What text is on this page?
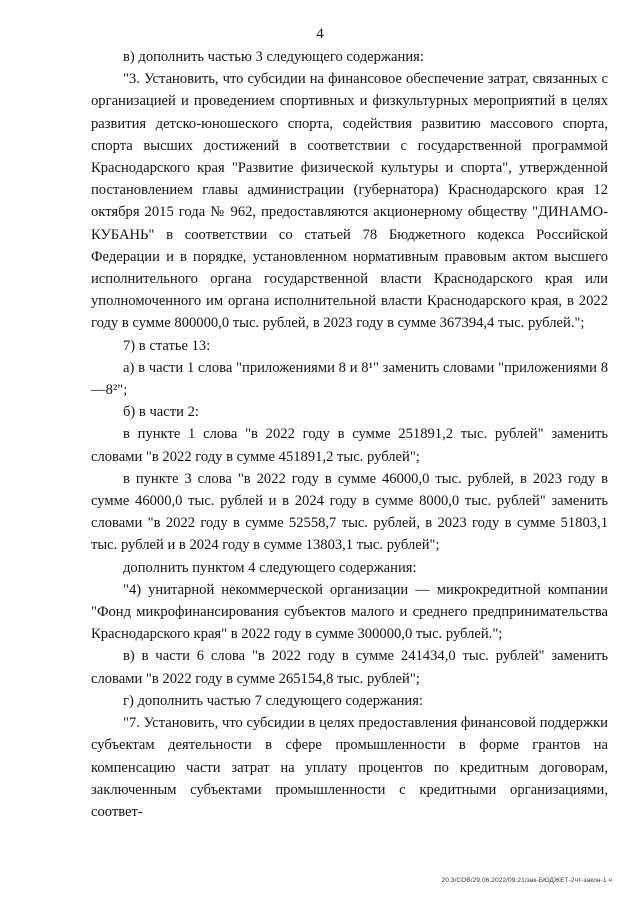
4

в) дополнить частью 3 следующего содержания:

"3. Установить, что субсидии на финансовое обеспечение затрат, связанных с организацией и проведением спортивных и физкультурных мероприятий в целях развития детско-юношеского спорта, содействия развитию массового спорта, спорта высших достижений в соответствии с государственной программой Краснодарского края "Развитие физической культуры и спорта", утвержденной постановлением главы администрации (губернатора) Краснодарского края 12 октября 2015 года № 962, предоставляются акционерному обществу "ДИНАМО-КУБАНЬ" в соответствии со статьей 78 Бюджетного кодекса Российской Федерации и в порядке, установленном нормативным правовым актом высшего исполнительного органа государственной власти Краснодарского края или уполномоченного им органа исполнительной власти Краснодарского края, в 2022 году в сумме 800000,0 тыс. рублей, в 2023 году в сумме 367394,4 тыс. рублей.";

7) в статье 13:

а) в части 1 слова "приложениями 8 и 8¹" заменить словами "приложениями 8—8²";

б) в части 2:

в пункте 1 слова "в 2022 году в сумме 251891,2 тыс. рублей" заменить словами "в 2022 году в сумме 451891,2 тыс. рублей";

в пункте 3 слова "в 2022 году в сумме 46000,0 тыс. рублей, в 2023 году в сумме 46000,0 тыс. рублей и в 2024 году в сумме 8000,0 тыс. рублей" заменить словами "в 2022 году в сумме 52558,7 тыс. рублей, в 2023 году в сумме 51803,1 тыс. рублей и в 2024 году в сумме 13803,1 тыс. рублей";

дополнить пунктом 4 следующего содержания:

"4) унитарной некоммерческой организации — микрокредитной компании "Фонд микрофинансирования субъектов малого и среднего предпринимательства Краснодарского края" в 2022 году в сумме 300000,0 тыс. рублей.";

в) в части 6 слова "в 2022 году в сумме 241434,0 тыс. рублей" заменить словами "в 2022 году в сумме 265154,8 тыс. рублей";

г) дополнить частью 7 следующего содержания:

"7. Установить, что субсидии в целях предоставления финансовой поддержки субъектам деятельности в сфере промышленности в форме грантов на компенсацию части затрат на уплату процентов по кредитным договорам, заключенным субъектами промышленности с кредитными организациями, соответ-

20.3/СОВ/29.06.2022/09:21/зак-БЮДЖЕТ-2чт-закон-1 ч
